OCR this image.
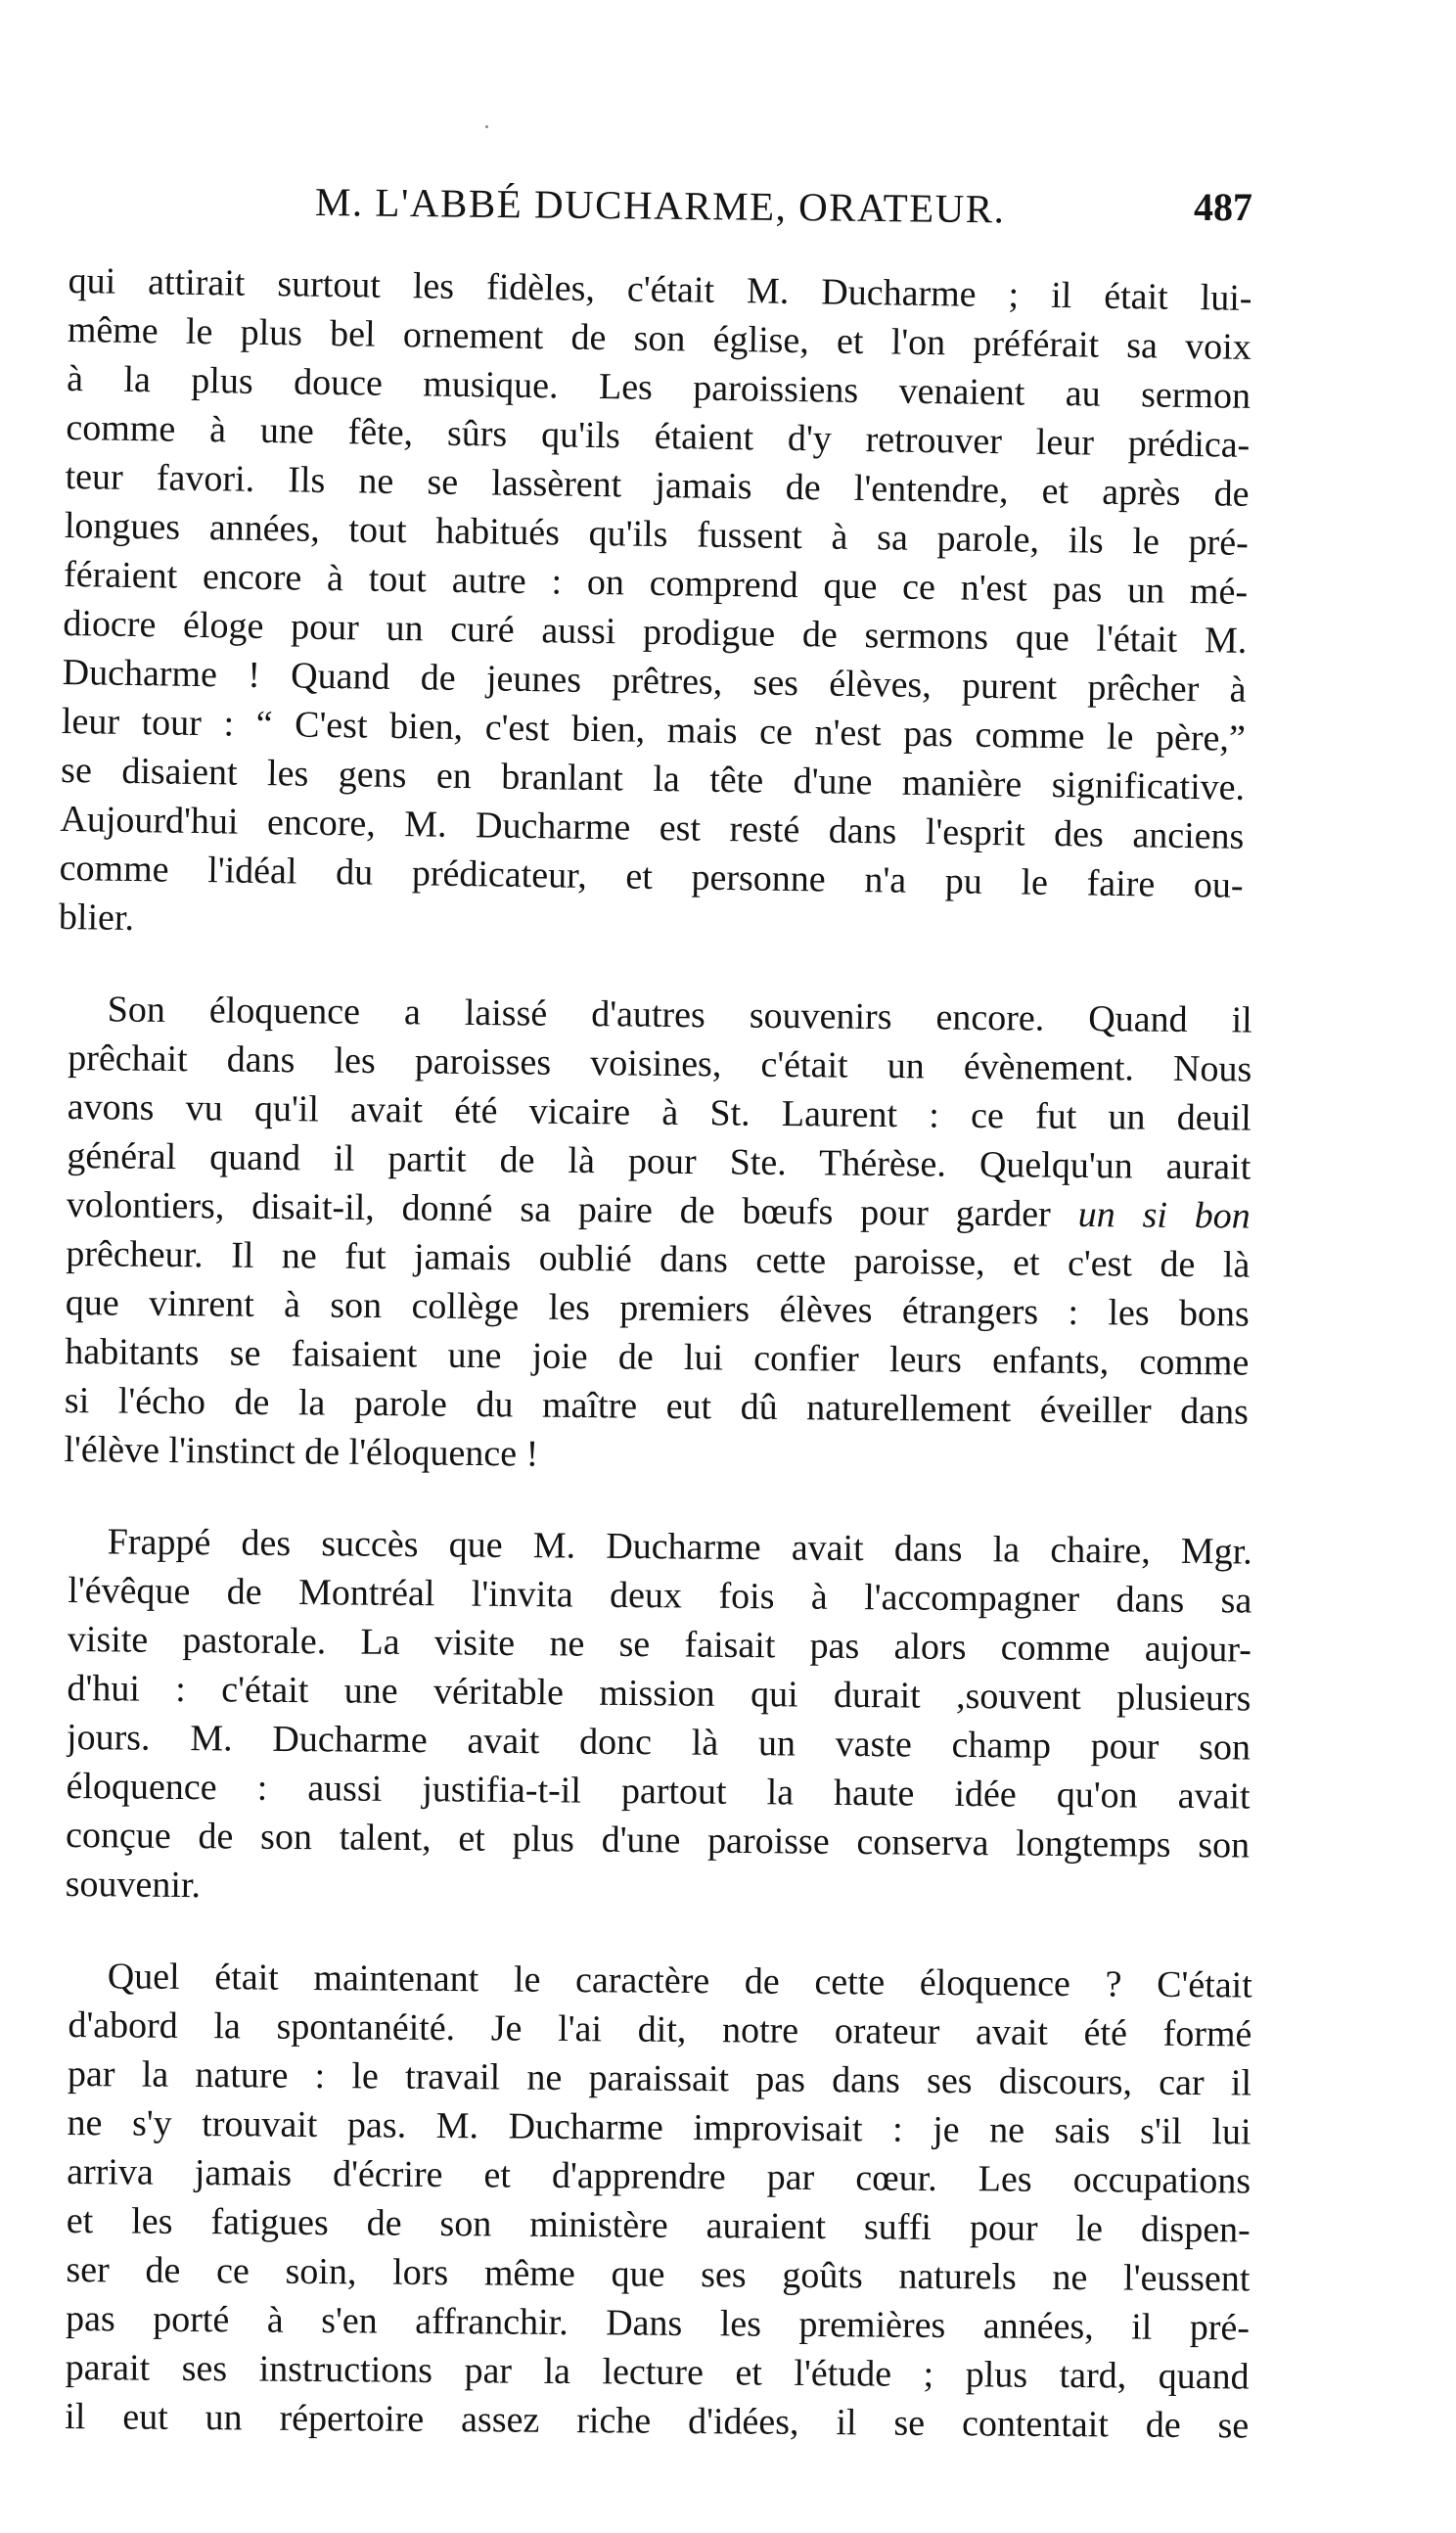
M. L'ABBÉ DUCHARME, ORATEUR.	487

qui attirait surtout les fidèles, c'était M. Ducharme ; il était lui-
même le plus bel ornement de son église, et l'on préférait sa voix
à la plus douce musique. Les paroissiens venaient au sermon
comme à une fête, sûrs qu'ils étaient d'y retrouver leur prédica-
teur favori. Ils ne se lassèrent jamais de l'entendre, et après de
longues années, tout habitués qu'ils fussent à sa parole, ils le pré-
féraient encore à tout autre : on comprend que ce n'est pas un mé-
diocre éloge pour un curé aussi prodigue de sermons que l'était M.
Ducharme ! Quand de jeunes prêtres, ses élèves, purent prêcher à
leur tour : “ C'est bien, c'est bien, mais ce n'est pas comme le père,”
se disaient les gens en branlant la tête d'une manière significative.
Aujourd'hui encore, M. Ducharme est resté dans l'esprit des anciens
comme l'idéal du prédicateur, et personne n'a pu le faire ou-
blier.

Son éloquence a laissé d'autres souvenirs encore. Quand il
prêchait dans les paroisses voisines, c'était un évènement. Nous
avons vu qu'il avait été vicaire à St. Laurent : ce fut un deuil
général quand il partit de là pour Ste. Thérèse. Quelqu'un aurait
volontiers, disait-il, donné sa paire de bœufs pour garder un si bon
prêcheur. Il ne fut jamais oublié dans cette paroisse, et c'est de là
que vinrent à son collège les premiers élèves étrangers : les bons
habitants se faisaient une joie de lui confier leurs enfants, comme
si l'écho de la parole du maître eut dû naturellement éveiller dans
l'élève l'instinct de l'éloquence !

Frappé des succès que M. Ducharme avait dans la chaire, Mgr.
l'évêque de Montréal l'invita deux fois à l'accompagner dans sa
visite pastorale. La visite ne se faisait pas alors comme aujour-
d'hui : c'était une véritable mission qui durait ,souvent plusieurs
jours. M. Ducharme avait donc là un vaste champ pour son
éloquence : aussi justifia-t-il partout la haute idée qu'on avait
conçue de son talent, et plus d'une paroisse conserva longtemps son
souvenir.

Quel était maintenant le caractère de cette éloquence ? C'était
d'abord la spontanéité. Je l'ai dit, notre orateur avait été formé
par la nature : le travail ne paraissait pas dans ses discours, car il
ne s'y trouvait pas. M. Ducharme improvisait : je ne sais s'il lui
arriva jamais d'écrire et d'apprendre par cœur. Les occupations
et les fatigues de son ministère auraient suffi pour le dispen-
ser de ce soin, lors même que ses goûts naturels ne l'eussent
pas porté à s'en affranchir. Dans les premières années, il pré-
parait ses instructions par la lecture et l'étude ; plus tard, quand
il eut un répertoire assez riche d'idées, il se contentait de se
